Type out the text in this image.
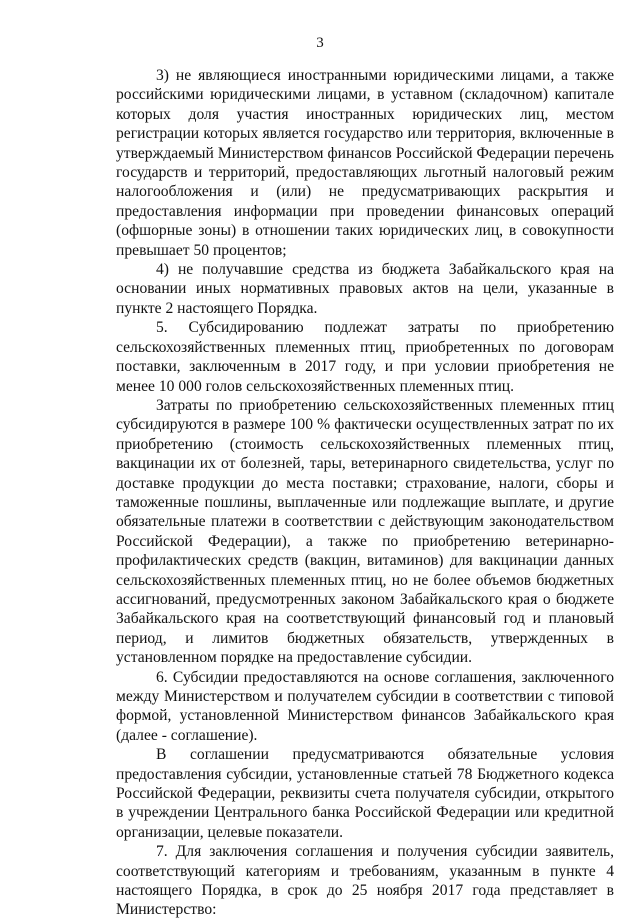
3

3) не являющиеся иностранными юридическими лицами, а также российскими юридическими лицами, в уставном (складочном) капитале которых доля участия иностранных юридических лиц, местом регистрации которых является государство или территория, включенные в утверждаемый Министерством финансов Российской Федерации перечень государств и территорий, предоставляющих льготный налоговый режим налогообложения и (или) не предусматривающих раскрытия и предоставления информации при проведении финансовых операций (офшорные зоны) в отношении таких юридических лиц, в совокупности превышает 50 процентов;

4) не получавшие средства из бюджета Забайкальского края на основании иных нормативных правовых актов на цели, указанные в пункте 2 настоящего Порядка.

5. Субсидированию подлежат затраты по приобретению сельскохозяйственных племенных птиц, приобретенных по договорам поставки, заключенным в 2017 году, и при условии приобретения не менее 10 000 голов сельскохозяйственных племенных птиц.

Затраты по приобретению сельскохозяйственных племенных птиц субсидируются в размере 100 % фактически осуществленных затрат по их приобретению (стоимость сельскохозяйственных племенных птиц, вакцинации их от болезней, тары, ветеринарного свидетельства, услуг по доставке продукции до места поставки; страхование, налоги, сборы и таможенные пошлины, выплаченные или подлежащие выплате, и другие обязательные платежи в соответствии с действующим законодательством Российской Федерации), а также по приобретению ветеринарно-профилактических средств (вакцин, витаминов) для вакцинации данных сельскохозяйственных племенных птиц, но не более объемов бюджетных ассигнований, предусмотренных законом Забайкальского края о бюджете Забайкальского края на соответствующий финансовый год и плановый период, и лимитов бюджетных обязательств, утвержденных в установленном порядке на предоставление субсидии.

6. Субсидии предоставляются на основе соглашения, заключенного между Министерством и получателем субсидии в соответствии с типовой формой, установленной Министерством финансов Забайкальского края (далее - соглашение).

В соглашении предусматриваются обязательные условия предоставления субсидии, установленные статьей 78 Бюджетного кодекса Российской Федерации, реквизиты счета получателя субсидии, открытого в учреждении Центрального банка Российской Федерации или кредитной организации, целевые показатели.

7. Для заключения соглашения и получения субсидии заявитель, соответствующий категориям и требованиям, указанным в пункте 4 настоящего Порядка, в срок до 25 ноября 2017 года представляет в Министерство:
